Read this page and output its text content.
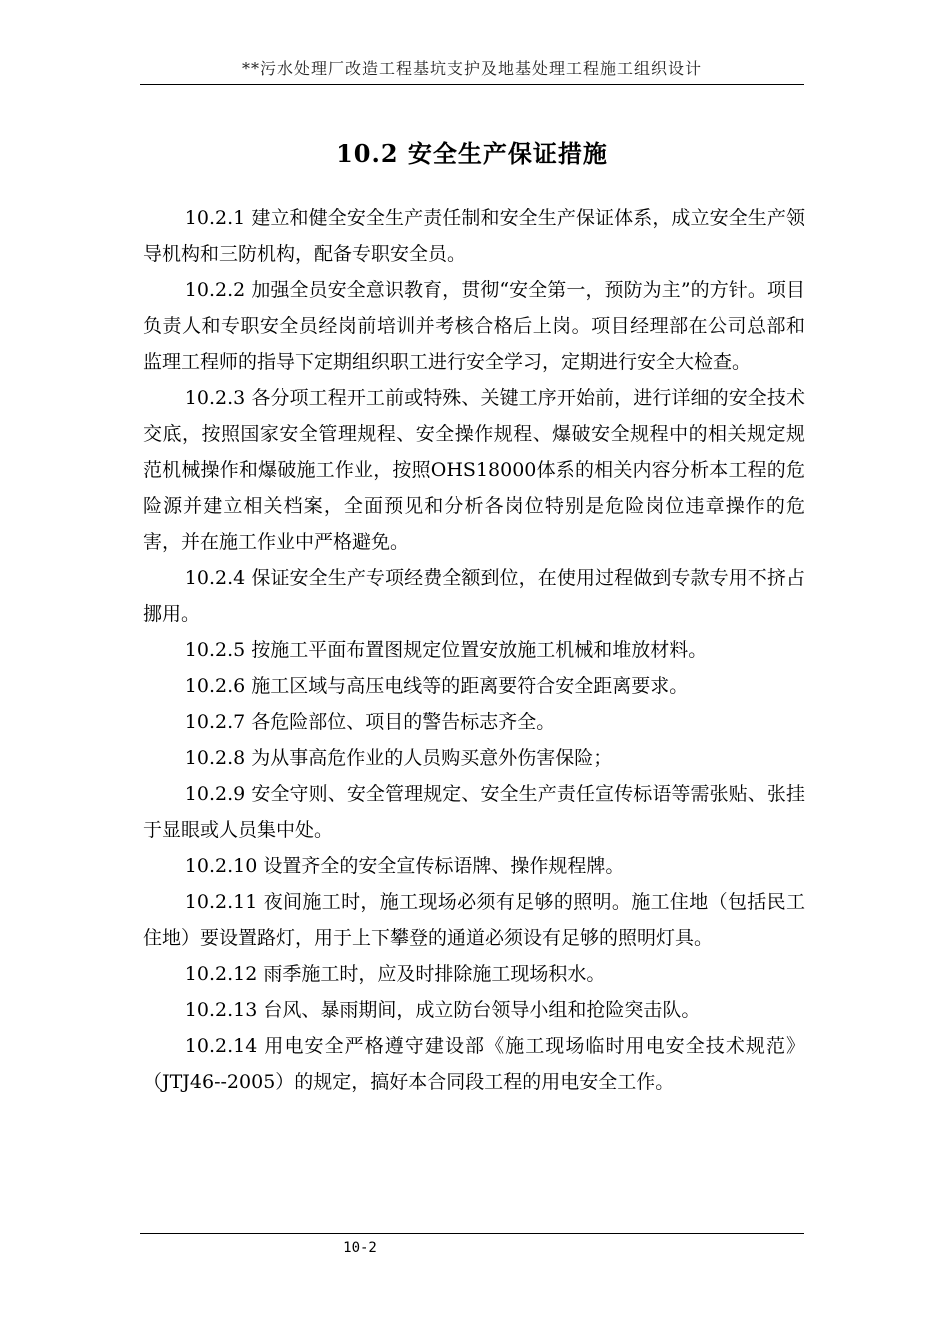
**污水处理厂改造工程基坑支护及地基处理工程施工组织设计
10.2 安全生产保证措施

10.2.1 建立和健全安全生产责任制和安全生产保证体系，成立安全生产领导机构和三防机构，配备专职安全员。

10.2.2 加强全员安全意识教育，贯彻“安全第一，预防为主”的方针。项目负责人和专职安全员经岗前培训并考核合格后上岗。项目经理部在公司总部和监理工程师的指导下定期组织职工进行安全学习，定期进行安全大检查。

10.2.3 各分项工程开工前或特殊、关键工序开始前，进行详细的安全技术交底，按照国家安全管理规程、安全操作规程、爆破安全规程中的相关规定规范机械操作和爆破施工作业，按照OHS18000体系的相关内容分析本工程的危险源并建立相关档案，全面预见和分析各岗位特别是危险岗位违章操作的危害，并在施工作业中严格避免。

10.2.4 保证安全生产专项经费全额到位，在使用过程做到专款专用不挤占挪用。

10.2.5 按施工平面布置图规定位置安放施工机械和堆放材料。

10.2.6 施工区域与高压电线等的距离要符合安全距离要求。

10.2.7 各危险部位、项目的警告标志齐全。

10.2.8 为从事高危作业的人员购买意外伤害保险；

10.2.9 安全守则、安全管理规定、安全生产责任宣传标语等需张贴、张挂于显眼或人员集中处。

10.2.10 设置齐全的安全宣传标语牌、操作规程牌。

10.2.11 夜间施工时，施工现场必须有足够的照明。施工住地（包括民工住地）要设置路灯，用于上下攀登的通道必须设有足够的照明灯具。

10.2.12 雨季施工时，应及时排除施工现场积水。

10.2.13 台风、暴雨期间，成立防台领导小组和抢险突击队。

10.2.14 用电安全严格遵守建设部《施工现场临时用电安全技术规范》（JTJ46--2005）的规定，搞好本合同段工程的用电安全工作。

10-2
